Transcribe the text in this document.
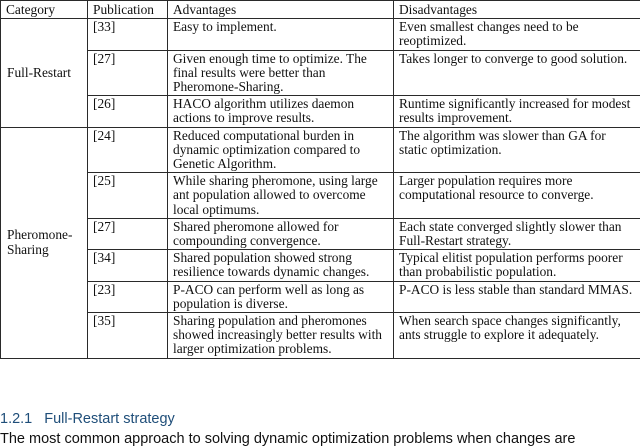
Category	Publication	Advantages	Disadvantages
Full-Restart	[33]	Easy to implement.	Even smallest changes need to be reoptimized.
	[27]	Given enough time to optimize. The final results were better than Pheromone-Sharing.	Takes longer to converge to good solution.
	[26]	HACO algorithm utilizes daemon actions to improve results.	Runtime significantly increased for modest results improvement.
Pheromone-Sharing	[24]	Reduced computational burden in dynamic optimization compared to Genetic Algorithm.	The algorithm was slower than GA for static optimization.
	[25]	While sharing pheromone, using large ant population allowed to overcome local optimums.	Larger population requires more computational resource to converge.
	[27]	Shared pheromone allowed for compounding convergence.	Each state converged slightly slower than Full-Restart strategy.
	[34]	Shared population showed strong resilience towards dynamic changes.	Typical elitist population performs poorer than probabilistic population.
	[23]	P-ACO can perform well as long as population is diverse.	P-ACO is less stable than standard MMAS.
	[35]	Sharing population and pheromones showed increasingly better results with larger optimization problems.	When search space changes significantly, ants struggle to explore it adequately.
1.2.1 Full-Restart strategy
The most common approach to solving dynamic optimization problems when changes are
